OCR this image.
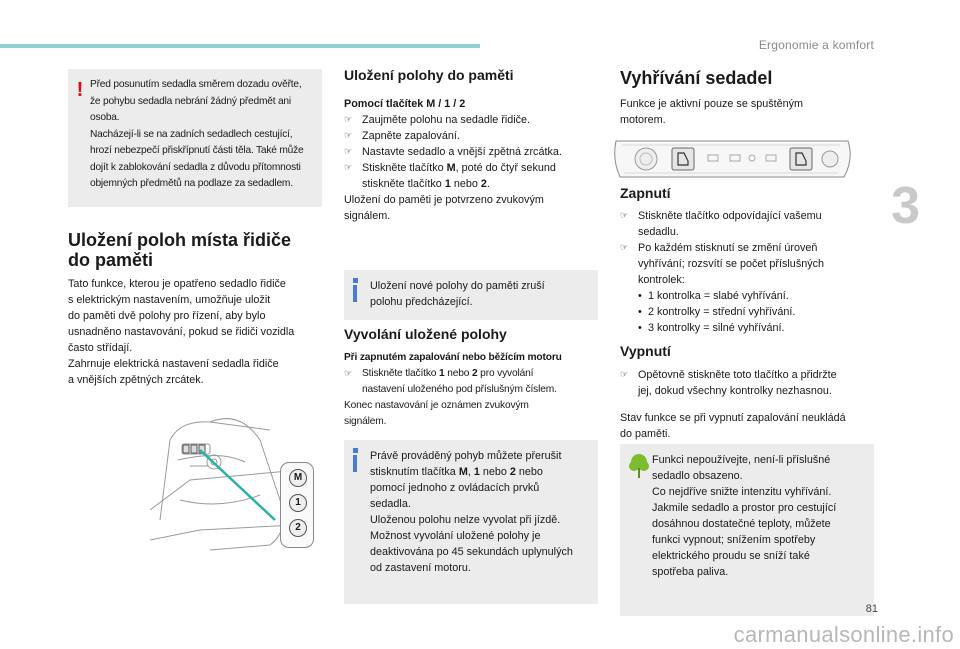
Ergonomie a komfort
3
! Před posunutím sedadla směrem dozadu ověřte,

že pohybu sedadla nebrání žádný předmět ani

osoba.

Nacházejí-li se na zadních sedadlech cestující,

hrozí nebezpečí přiskřípnutí části těla. Také může

dojít k zablokování sedadla z důvodu přítomnosti

objemných předmětů na podlaze za sedadlem.

Uložení poloh místa řidiče
do paměti

Tato funkce, kterou je opatřeno sedadlo řidiče

s elektrickým nastavením, umožňuje uložit

do paměti dvě polohy pro řízení, aby bylo

usnadněno nastavování, pokud se řidiči vozidla

často střídají.

Zahrnuje elektrická nastavení sedadla řidiče

a vnějších zpětných zrcátek.

M
1
2
Uložení polohy do paměti

Pomocí tlačítek M / 1 / 2

☞ Zaujměte polohu na sedadle řidiče.
☞ Zapněte zapalování.
☞ Nastavte sedadlo a vnější zpětná zrcátka.
☞ Stiskněte tlačítko M, poté do čtyř sekund
stiskněte tlačítko 1 nebo 2.

Uložení do paměti je potvrzeno zvukovým

signálem.

Uložení nové polohy do paměti zruší

polohu předcházející.

Vyvolání uložené polohy

Při zapnutém zapalování nebo běžícím motoru

☞ Stiskněte tlačítko 1 nebo 2 pro vyvolání
nastavení uloženého pod příslušným číslem.

Konec nastavování je oznámen zvukovým

signálem.

Právě prováděný pohyb můžete přerušit

stisknutím tlačítka M, 1 nebo 2 nebo

pomocí jednoho z ovládacích prvků

sedadla.

Uloženou polohu nelze vyvolat při jízdě.

Možnost vyvolání uložené polohy je

deaktivována po 45 sekundách uplynulých

od zastavení motoru.

Vyhřívání sedadel

Funkce je aktivní pouze se spuštěným

motorem.

Zapnutí
☞ Stiskněte tlačítko odpovídající vašemu
sedadlu.
☞ Po každém stisknutí se změní úroveň
vyhřívání; rozsvítí se počet příslušných
kontrolek:
• 1 kontrolka = slabé vyhřívání.
• 2 kontrolky = střední vyhřívání.
• 3 kontrolky = silné vyhřívání.
Vypnutí
☞ Opětovně stiskněte toto tlačítko a přidržte
jej, dokud všechny kontrolky nezhasnou.

Stav funkce se při vypnutí zapalování neukládá

do paměti.

Funkci nepoužívejte, není-li příslušné

sedadlo obsazeno.

Co nejdříve snižte intenzitu vyhřívání.

Jakmile sedadlo a prostor pro cestující

dosáhnou dostatečné teploty, můžete

funkci vypnout; snížením spotřeby

elektrického proudu se sníží také

spotřeba paliva.

81
carmanualsonline.info
